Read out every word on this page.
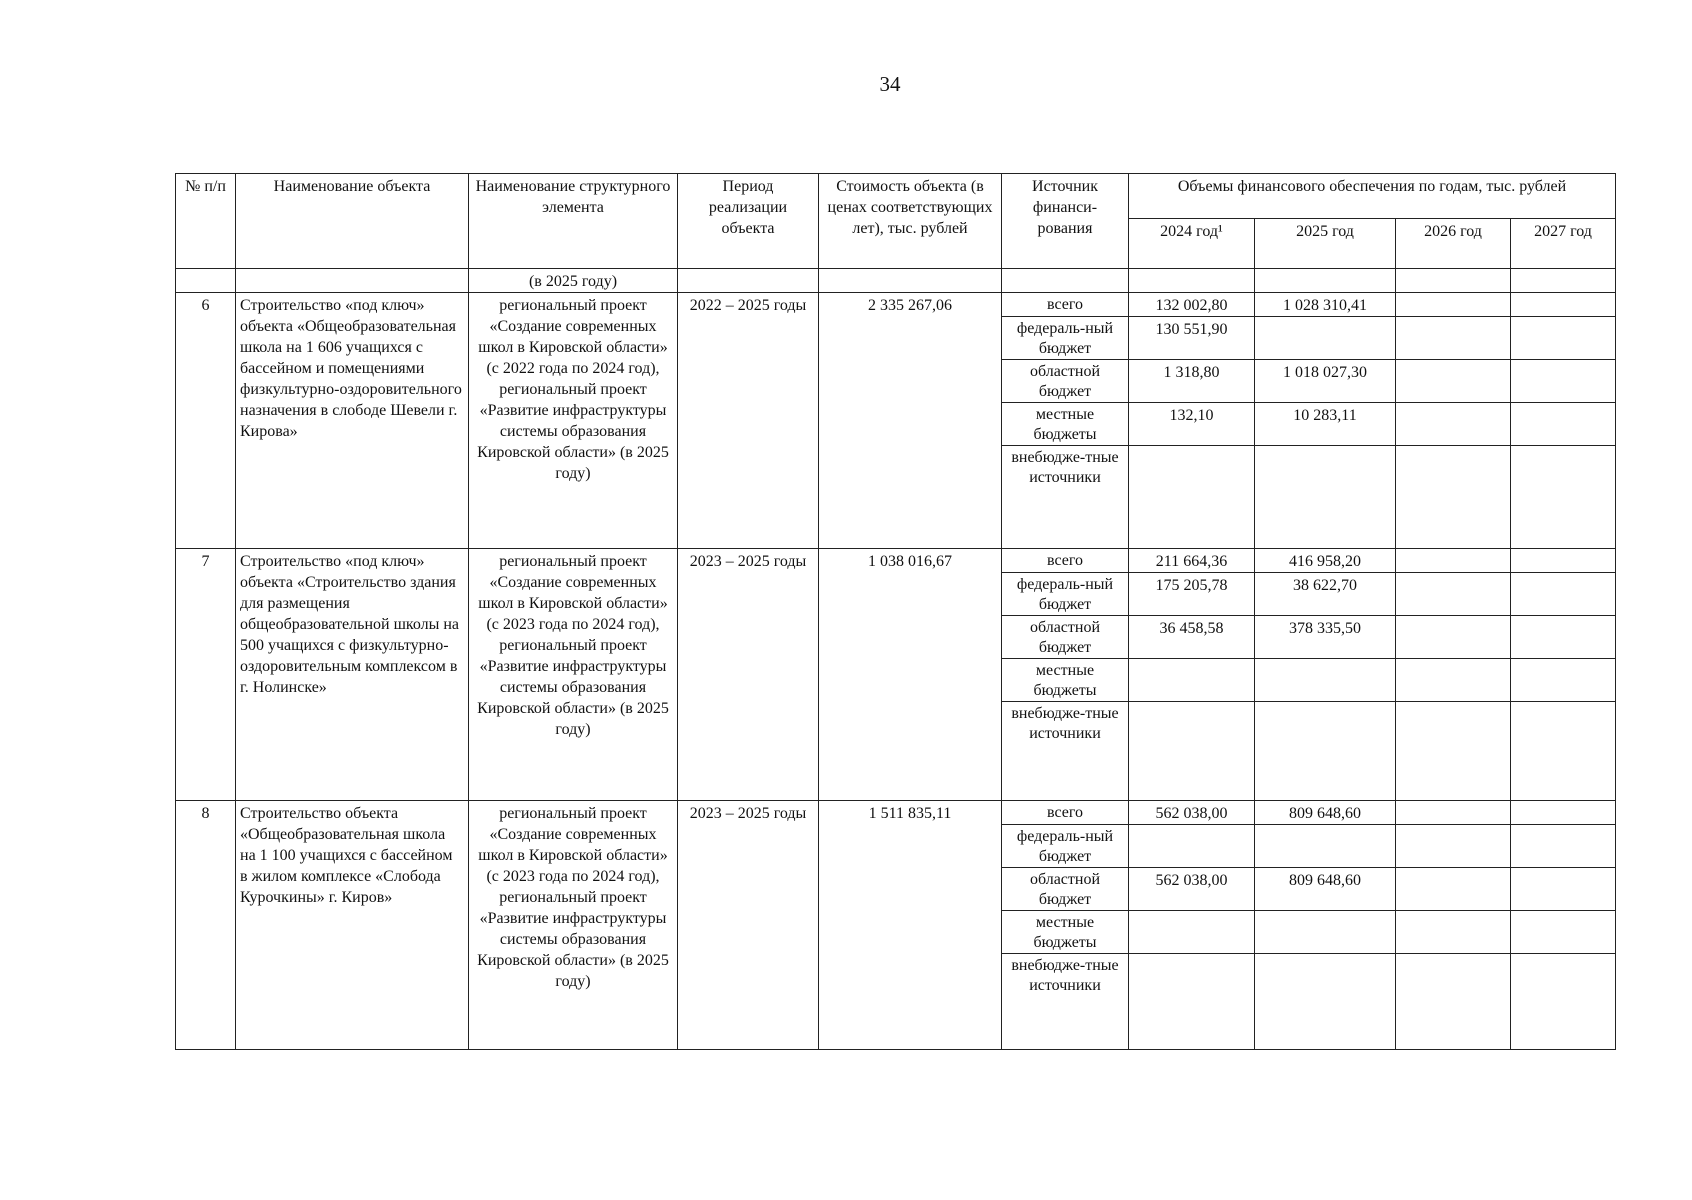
34
№ п/п	Наименование объекта	Наименование структурного элемента	Период реализации объекта	Стоимость объекта (в ценах соответствующих лет), тыс. рублей	Источник финанси-рования	Объемы финансового обеспечения по годам, тыс. рублей			
						2024 год¹	2025 год	2026 год	2027 год
		(в 2025 году)							
6	Строительство «под ключ» объекта «Общеобразовательная школа на 1 606 учащихся с бассейном и помещениями физкультурно-оздоровительного назначения в слободе Шевели г. Кирова»	региональный проект «Создание современных школ в Кировской области» (с 2022 года по 2024 год), региональный проект «Развитие инфраструктуры системы образования Кировской области» (в 2025 году)	2022 – 2025 годы	2 335 267,06	всего	132 002,80	1 028 310,41		
					федераль-ный бюджет	130 551,90			
					областной бюджет	1 318,80	1 018 027,30		
					местные бюджеты	132,10	10 283,11		
					внебюдже-тные источники				
7	Строительство «под ключ» объекта «Строительство здания для размещения общеобразовательной школы на 500 учащихся с физкультурно-оздоровительным комплексом в г. Нолинске»	региональный проект «Создание современных школ в Кировской области» (с 2023 года по 2024 год), региональный проект «Развитие инфраструктуры системы образования Кировской области» (в 2025 году)	2023 – 2025 годы	1 038 016,67	всего	211 664,36	416 958,20		
					федераль-ный бюджет	175 205,78	38 622,70		
					областной бюджет	36 458,58	378 335,50		
					местные бюджеты				
					внебюдже-тные источники				
8	Строительство объекта «Общеобразовательная школа на 1 100 учащихся с бассейном в жилом комплексе «Слобода Курочкины» г. Киров»	региональный проект «Создание современных школ в Кировской области» (с 2023 года по 2024 год), региональный проект «Развитие инфраструктуры системы образования Кировской области» (в 2025 году)	2023 – 2025 годы	1 511 835,11	всего	562 038,00	809 648,60		
					федераль-ный бюджет				
					областной бюджет	562 038,00	809 648,60		
					местные бюджеты				
					внебюдже-тные источники				
